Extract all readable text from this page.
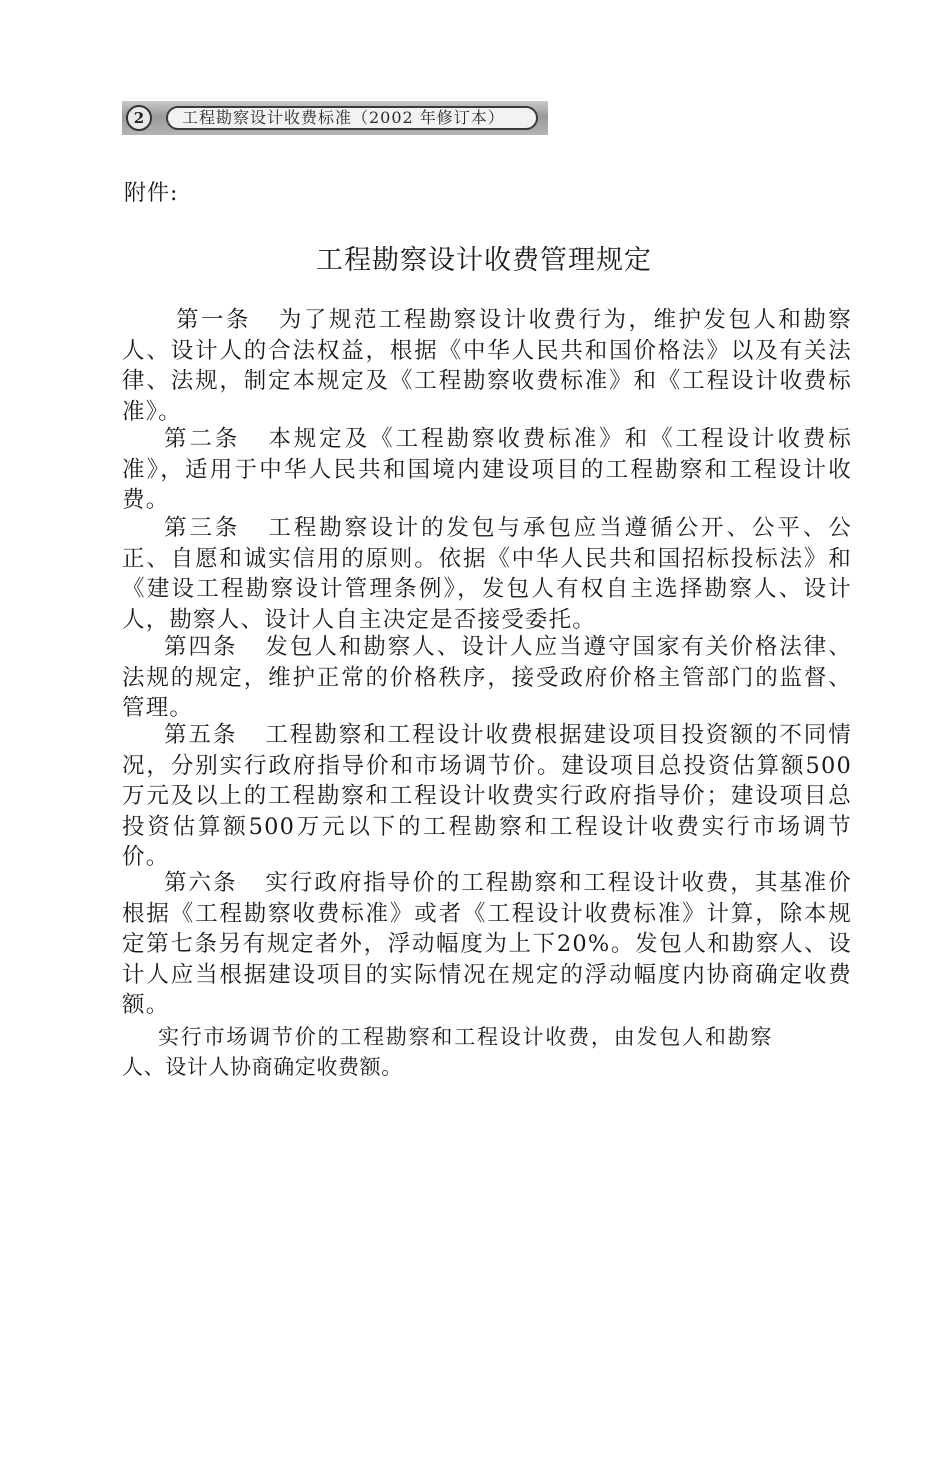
2	工程勘察设计收费标准（2002 年修订本）
附件:
工程勘察设计收费管理规定
第一条 为了规范工程勘察设计收费行为，维护发包人和勘察人、设计人的合法权益，根据《中华人民共和国价格法》以及有关法律、法规，制定本规定及《工程勘察收费标准》和《工程设计收费标准》。
第二条 本规定及《工程勘察收费标准》和《工程设计收费标准》，适用于中华人民共和国境内建设项目的工程勘察和工程设计收费。
第三条 工程勘察设计的发包与承包应当遵循公开、公平、公正、自愿和诚实信用的原则。依据《中华人民共和国招标投标法》和《建设工程勘察设计管理条例》，发包人有权自主选择勘察人、设计人，勘察人、设计人自主决定是否接受委托。
第四条 发包人和勘察人、设计人应当遵守国家有关价格法律、法规的规定，维护正常的价格秩序，接受政府价格主管部门的监督、管理。
第五条 工程勘察和工程设计收费根据建设项目投资额的不同情况，分别实行政府指导价和市场调节价。建设项目总投资估算额500万元及以上的工程勘察和工程设计收费实行政府指导价；建设项目总投资估算额500万元以下的工程勘察和工程设计收费实行市场调节价。
第六条 实行政府指导价的工程勘察和工程设计收费，其基准价根据《工程勘察收费标准》或者《工程设计收费标准》计算，除本规定第七条另有规定者外，浮动幅度为上下20%。发包人和勘察人、设计人应当根据建设项目的实际情况在规定的浮动幅度内协商确定收费额。
实行市场调节价的工程勘察和工程设计收费，由发包人和勘察人、设计人协商确定收费额。
